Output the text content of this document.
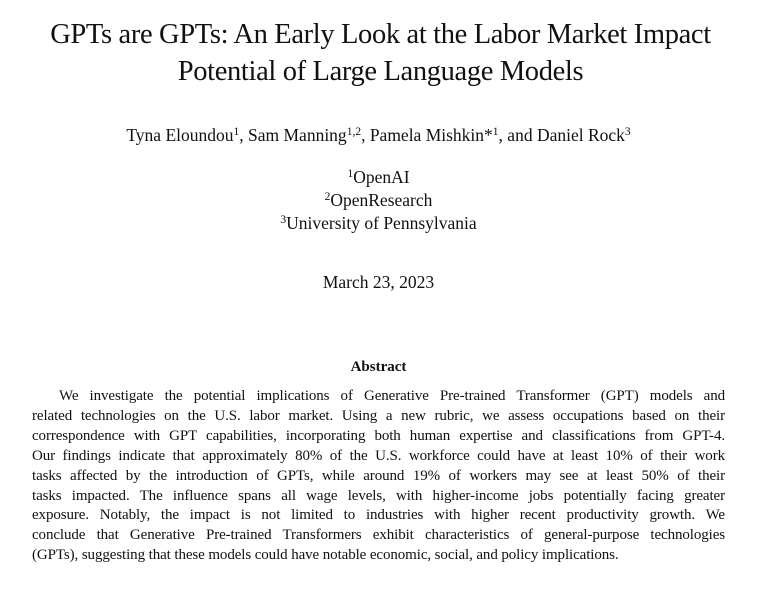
GPTs are GPTs: An Early Look at the Labor Market Impact
Potential of Large Language Models
Tyna Eloundou$^1$, Sam Manning$^{1,2}$, Pamela Mishkin*$^1$, and Daniel Rock$^3$
$^1$OpenAI
$^2$OpenResearch
$^3$University of Pennsylvania
March 23, 2023
Abstract
We investigate the potential implications of Generative Pre-trained Transformer (GPT) models and
related technologies on the U.S. labor market. Using a new rubric, we assess occupations based on their
correspondence with GPT capabilities, incorporating both human expertise and classifications from GPT-4.
Our findings indicate that approximately 80% of the U.S. workforce could have at least 10% of their work
tasks affected by the introduction of GPTs, while around 19% of workers may see at least 50% of their
tasks impacted. The influence spans all wage levels, with higher-income jobs potentially facing greater
exposure. Notably, the impact is not limited to industries with higher recent productivity growth. We
conclude that Generative Pre-trained Transformers exhibit characteristics of general-purpose technologies
(GPTs), suggesting that these models could have notable economic, social, and policy implications.
